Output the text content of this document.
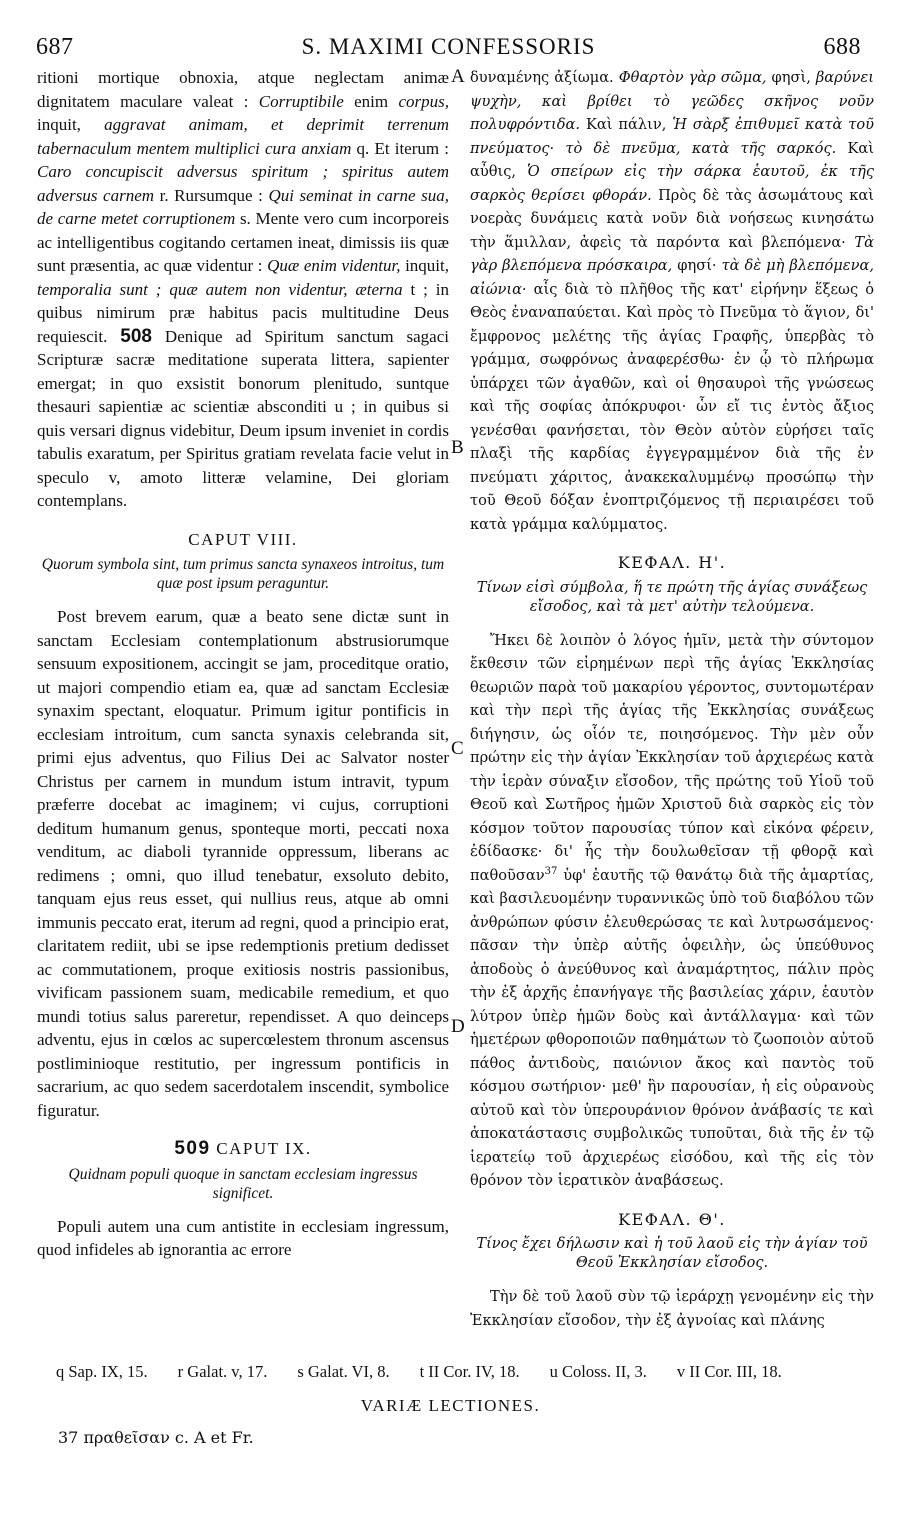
687	S. MAXIMI CONFESSORIS	688
A
B
C
D

ritioni mortique obnoxia, atque neglectam animæ dignitatem maculare valeat : Corruptibile enim corpus, inquit, aggravat animam, et deprimit terrenum tabernaculum mentem multiplici cura anxiam q. Et iterum : Caro concupiscit adversus spiritum ; spiritus autem adversus carnem r. Rursumque : Qui seminat in carne sua, de carne metet corruptionem s. Mente vero cum incorporeis ac intelligentibus cogitando certamen ineat, dimissis iis quæ sunt præsentia, ac quæ videntur : Quæ enim videntur, inquit, temporalia sunt ; quæ autem non videntur, æterna t ; in quibus nimirum præ habitus pacis multitudine Deus requiescit. 508 Denique ad Spiritum sanctum sagaci Scripturæ sacræ meditatione superata littera, sapienter emergat; in quo exsistit bonorum plenitudo, suntque thesauri sapientiæ ac scientiæ absconditi u ; in quibus si quis versari dignus videbitur, Deum ipsum inveniet in cordis tabulis exaratum, per Spiritus gratiam revelata facie velut in speculo v, amoto litteræ velamine, Dei gloriam contemplans.

CAPUT VIII.
Quorum symbola sint, tum primus sancta synaxeos introitus, tum quæ post ipsum peraguntur.

Post brevem earum, quæ a beato sene dictæ sunt in sanctam Ecclesiam contemplationum abstrusiorumque sensuum expositionem, accingit se jam, proceditque oratio, ut majori compendio etiam ea, quæ ad sanctam Ecclesiæ synaxim spectant, eloquatur. Primum igitur pontificis in ecclesiam introitum, cum sancta synaxis celebranda sit, primi ejus adventus, quo Filius Dei ac Salvator noster Christus per carnem in mundum istum intravit, typum præferre docebat ac imaginem; vi cujus, corruptioni deditum humanum genus, sponteque morti, peccati noxa venditum, ac diaboli tyrannide oppressum, liberans ac redimens ; omni, quo illud tenebatur, exsoluto debito, tanquam ejus reus esset, qui nullius reus, atque ab omni immunis peccato erat, iterum ad regni, quod a principio erat, claritatem rediit, ubi se ipse redemptionis pretium dedisset ac commutationem, proque exitiosis nostris passionibus, vivificam passionem suam, medicabile remedium, et quo mundi totius salus pareretur, rependisset. A quo deinceps adventu, ejus in cœlos ac supercœlestem thronum ascensus postliminioque restitutio, per ingressum pontificis in sacrarium, ac quo sedem sacerdotalem inscendit, symbolice figuratur.

509 CAPUT IX.
Quidnam populi quoque in sanctam ecclesiam ingressus significet.

Populi autem una cum antistite in ecclesiam ingressum, quod infideles ab ignorantia ac errore

δυναμένης ἀξίωμα. Φθαρτὸν γὰρ σῶμα, φησὶ, βαρύνει ψυχὴν, καὶ βρίθει τὸ γεῶδες σκῆνος νοῦν πολυφρόντιδα. Καὶ πάλιν, Ἡ σὰρξ ἐπιθυμεῖ κατὰ τοῦ πνεύματος· τὸ δὲ πνεῦμα, κατὰ τῆς σαρκός. Καὶ αὖθις, Ὁ σπείρων εἰς τὴν σάρκα ἑαυτοῦ, ἐκ τῆς σαρκὸς θερίσει φθοράν. Πρὸς δὲ τὰς ἀσωμάτους καὶ νοερὰς δυνάμεις κατὰ νοῦν διὰ νοήσεως κινησάτω τὴν ἅμιλλαν, ἀφεὶς τὰ παρόντα καὶ βλεπόμενα· Τὰ γὰρ βλεπόμενα πρόσκαιρα, φησί· τὰ δὲ μὴ βλεπόμενα, αἰώνια· αἷς διὰ τὸ πλῆθος τῆς κατ' εἰρήνην ἕξεως ὁ Θεὸς ἐναναπαύεται. Καὶ πρὸς τὸ Πνεῦμα τὸ ἅγιον, δι' ἔμφρονος μελέτης τῆς ἁγίας Γραφῆς, ὑπερβὰς τὸ γράμμα, σωφρόνως ἀναφερέσθω· ἐν ᾧ τὸ πλήρωμα ὑπάρχει τῶν ἀγαθῶν, καὶ οἱ θησαυροὶ τῆς γνώσεως καὶ τῆς σοφίας ἀπόκρυφοι· ὧν εἴ τις ἐντὸς ἄξιος γενέσθαι φανήσεται, τὸν Θεὸν αὐτὸν εὑρήσει ταῖς πλαξὶ τῆς καρδίας ἐγγεγραμμένον διὰ τῆς ἐν πνεύματι χάριτος, ἀνακεκαλυμμένῳ προσώπῳ τὴν τοῦ Θεοῦ δόξαν ἐνοπτριζόμενος τῇ περιαιρέσει τοῦ κατὰ γράμμα καλύμματος.

ΚΕΦΑΛ. Η'.
Τίνων εἰσὶ σύμβολα, ἥ τε πρώτη τῆς ἁγίας συνάξεως εἴσοδος, καὶ τὰ μετ' αὐτὴν τελούμενα.

Ἤκει δὲ λοιπὸν ὁ λόγος ἡμῖν, μετὰ τὴν σύντομον ἔκθεσιν τῶν εἰρημένων περὶ τῆς ἁγίας Ἐκκλησίας θεωριῶν παρὰ τοῦ μακαρίου γέροντος, συντομωτέραν καὶ τὴν περὶ τῆς ἁγίας τῆς Ἐκκλησίας συνάξεως διήγησιν, ὡς οἷόν τε, ποιησόμενος. Τὴν μὲν οὖν πρώτην εἰς τὴν ἁγίαν Ἐκκλησίαν τοῦ ἀρχιερέως κατὰ τὴν ἱερὰν σύναξιν εἴσοδον, τῆς πρώτης τοῦ Υἱοῦ τοῦ Θεοῦ καὶ Σωτῆρος ἡμῶν Χριστοῦ διὰ σαρκὸς εἰς τὸν κόσμον τοῦτον παρουσίας τύπον καὶ εἰκόνα φέρειν, ἐδίδασκε· δι' ἧς τὴν δουλωθεῖσαν τῇ φθορᾷ καὶ παθοῦσαν$^{37}$ ὑφ' ἑαυτῆς τῷ θανάτῳ διὰ τῆς ἁμαρτίας, καὶ βασιλευομένην τυραννικῶς ὑπὸ τοῦ διαβόλου τῶν ἀνθρώπων φύσιν ἐλευθερώσας τε καὶ λυτρωσάμενος· πᾶσαν τὴν ὑπὲρ αὐτῆς ὀφειλὴν, ὡς ὑπεύθυνος ἀποδοὺς ὁ ἀνεύθυνος καὶ ἀναμάρτητος, πάλιν πρὸς τὴν ἐξ ἀρχῆς ἐπανήγαγε τῆς βασιλείας χάριν, ἑαυτὸν λύτρον ὑπὲρ ἡμῶν δοὺς καὶ ἀντάλλαγμα· καὶ τῶν ἡμετέρων φθοροποιῶν παθημάτων τὸ ζωοποιὸν αὐτοῦ πάθος ἀντιδοὺς, παιώνιον ἄκος καὶ παντὸς τοῦ κόσμου σωτήριον· μεθ' ἣν παρουσίαν, ἡ εἰς οὐρανοὺς αὐτοῦ καὶ τὸν ὑπερουράνιον θρόνον ἀνάβασίς τε καὶ ἀποκατάστασις συμβολικῶς τυποῦται, διὰ τῆς ἐν τῷ ἱερατείῳ τοῦ ἀρχιερέως εἰσόδου, καὶ τῆς εἰς τὸν θρόνον τὸν ἱερατικὸν ἀναβάσεως.

ΚΕΦΑΛ. Θ'.
Τίνος ἔχει δήλωσιν καὶ ἡ τοῦ λαοῦ εἰς τὴν ἁγίαν τοῦ Θεοῦ Ἐκκλησίαν εἴσοδος.

Τὴν δὲ τοῦ λαοῦ σὺν τῷ ἱεράρχῃ γενομένην εἰς τὴν Ἐκκλησίαν εἴσοδον, τὴν ἐξ ἀγνοίας καὶ πλάνης

q Sap. IX, 15. r Galat. v, 17. s Galat. VI, 8. t II Cor. IV, 18. u Coloss. II, 3. v II Cor. III, 18.
VARIÆ LECTIONES.
37 πραθεῖσαν c. A et Fr.
